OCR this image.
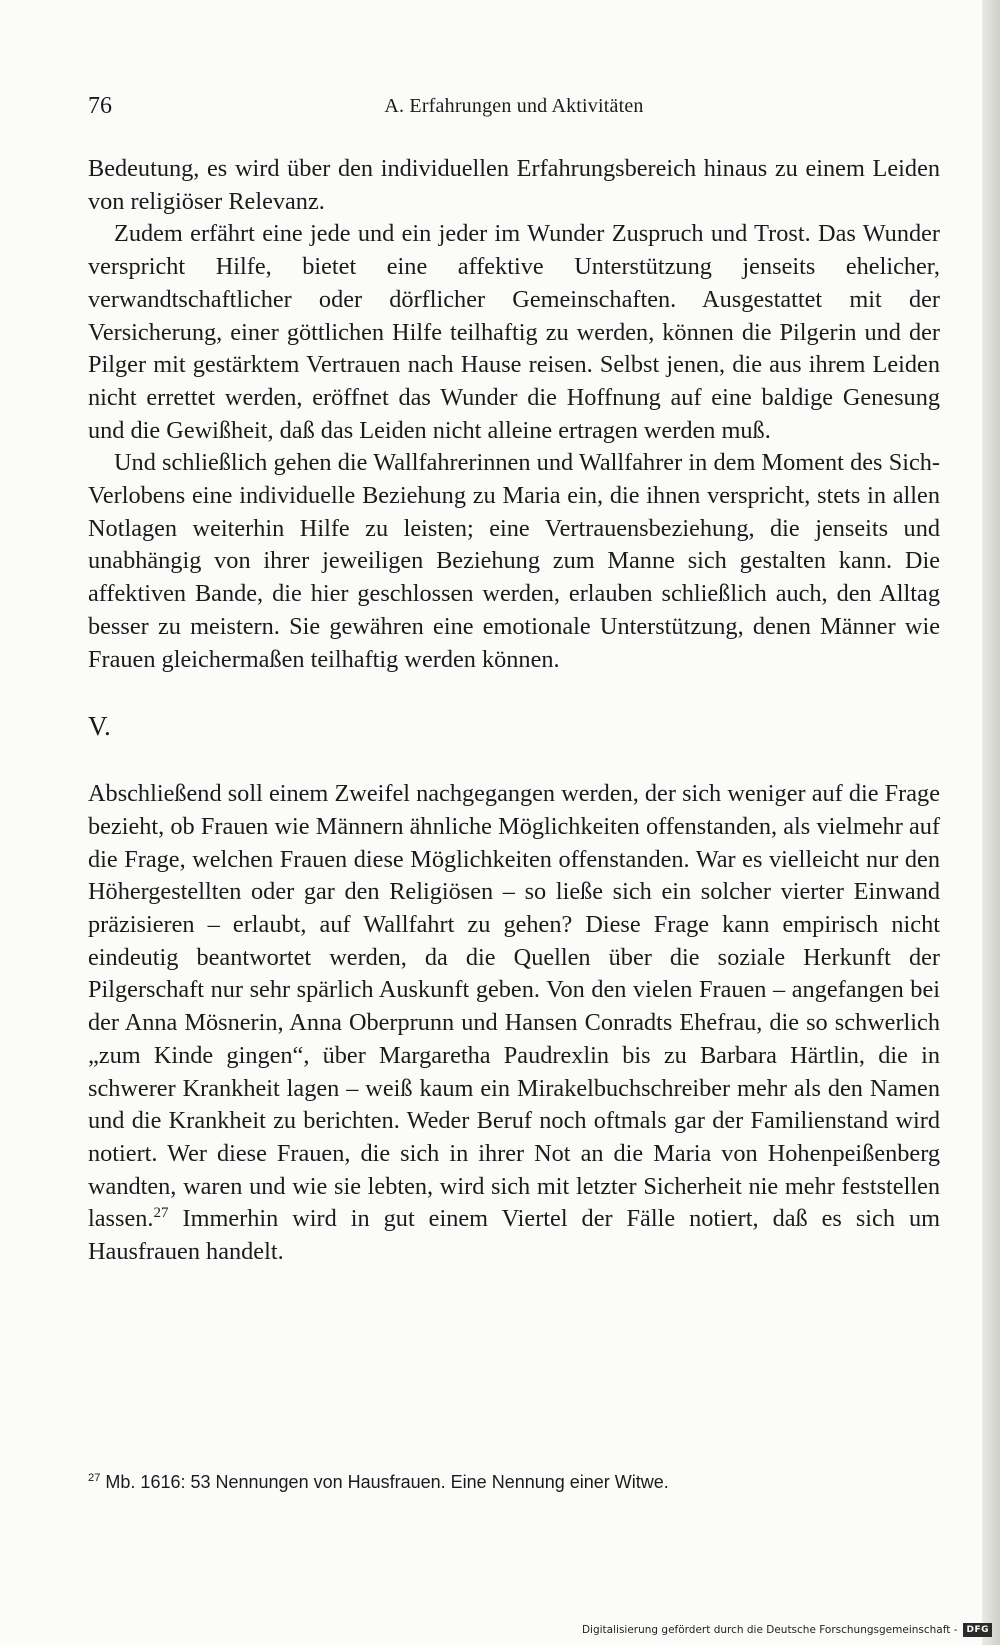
76	A. Erfahrungen und Aktivitäten

Bedeutung, es wird über den individuellen Erfahrungsbereich hinaus zu einem Leiden von religiöser Relevanz.

Zudem erfährt eine jede und ein jeder im Wunder Zuspruch und Trost. Das Wunder verspricht Hilfe, bietet eine affektive Unterstützung jenseits ehelicher, verwandtschaftlicher oder dörflicher Gemeinschaften. Ausgestattet mit der Versicherung, einer göttlichen Hilfe teilhaftig zu werden, können die Pilgerin und der Pilger mit gestärktem Vertrauen nach Hause reisen. Selbst jenen, die aus ihrem Leiden nicht errettet werden, eröffnet das Wunder die Hoffnung auf eine baldige Genesung und die Gewißheit, daß das Leiden nicht alleine ertragen werden muß.

Und schließlich gehen die Wallfahrerinnen und Wallfahrer in dem Moment des Sich-Verlobens eine individuelle Beziehung zu Maria ein, die ihnen verspricht, stets in allen Notlagen weiterhin Hilfe zu leisten; eine Vertrauensbeziehung, die jenseits und unabhängig von ihrer jeweiligen Beziehung zum Manne sich gestalten kann. Die affektiven Bande, die hier geschlossen werden, erlauben schließlich auch, den Alltag besser zu meistern. Sie gewähren eine emotionale Unterstützung, denen Männer wie Frauen gleichermaßen teilhaftig werden können.

V.

Abschließend soll einem Zweifel nachgegangen werden, der sich weniger auf die Frage bezieht, ob Frauen wie Männern ähnliche Möglichkeiten offenstanden, als vielmehr auf die Frage, welchen Frauen diese Möglichkeiten offenstanden. War es vielleicht nur den Höhergestellten oder gar den Religiösen – so ließe sich ein solcher vierter Einwand präzisieren – erlaubt, auf Wallfahrt zu gehen? Diese Frage kann empirisch nicht eindeutig beantwortet werden, da die Quellen über die soziale Herkunft der Pilgerschaft nur sehr spärlich Auskunft geben. Von den vielen Frauen – angefangen bei der Anna Mösnerin, Anna Oberprunn und Hansen Conradts Ehefrau, die so schwerlich „zum Kinde gingen“, über Margaretha Paudrexlin bis zu Barbara Härtlin, die in schwerer Krankheit lagen – weiß kaum ein Mirakelbuchschreiber mehr als den Namen und die Krankheit zu berichten. Weder Beruf noch oftmals gar der Familienstand wird notiert. Wer diese Frauen, die sich in ihrer Not an die Maria von Hohenpeißenberg wandten, waren und wie sie lebten, wird sich mit letzter Sicherheit nie mehr feststellen lassen.$^{27}$ Immerhin wird in gut einem Viertel der Fälle notiert, daß es sich um Hausfrauen handelt.

$^{27}$ Mb. 1616: 53 Nennungen von Hausfrauen. Eine Nennung einer Witwe.
Digitalisierung gefördert durch die Deutsche Forschungsgemeinschaft -	DFG
